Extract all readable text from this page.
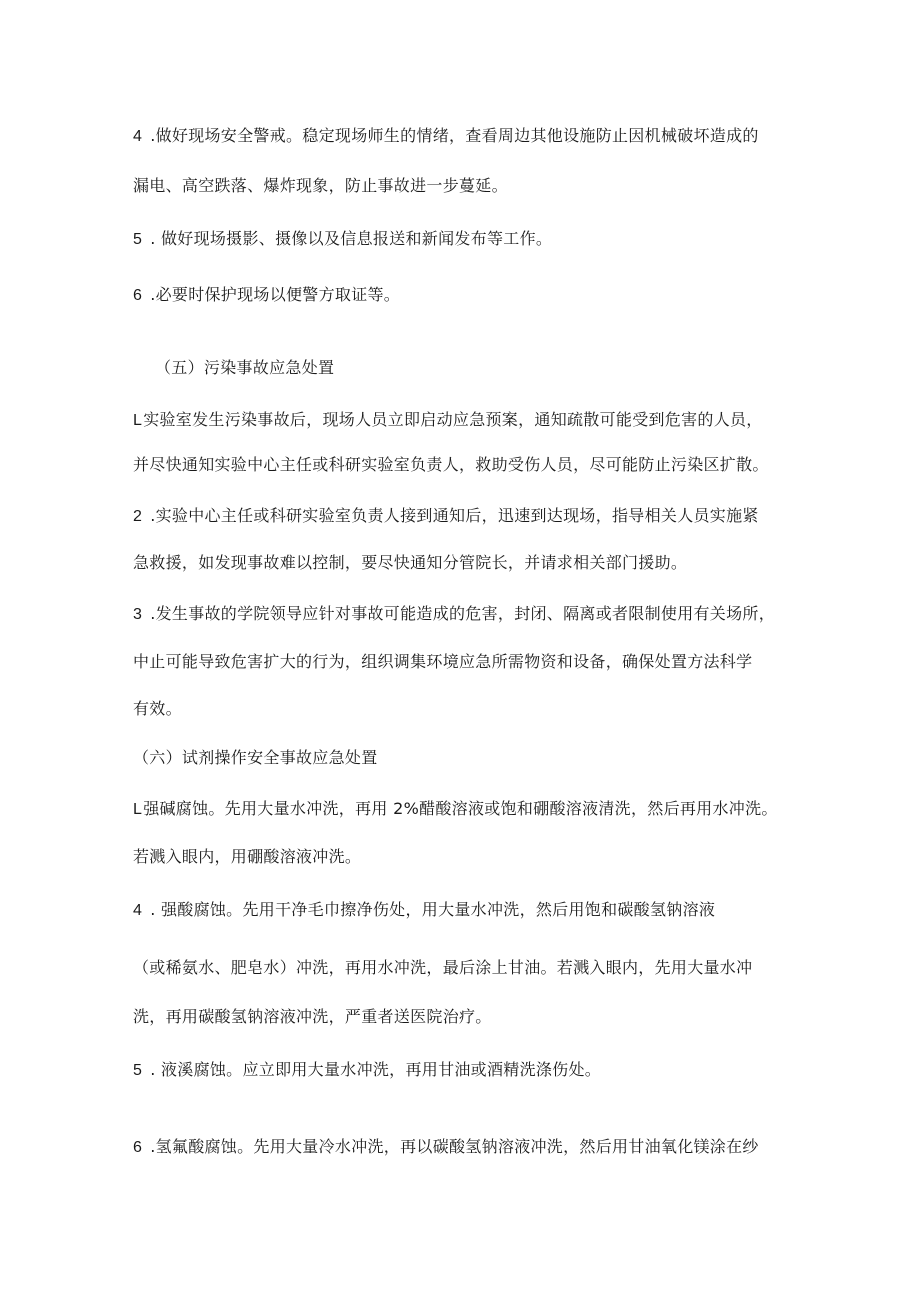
4 .做好现场安全警戒。稳定现场师生的情绪，查看周边其他设施防止因机械破坏造成的
漏电、高空跌落、爆炸现象，防止事故进一步蔓延。
5 . 做好现场摄影、摄像以及信息报送和新闻发布等工作。
6 .必要时保护现场以便警方取证等。
（五）污染事故应急处置
L实验室发生污染事故后，现场人员立即启动应急预案，通知疏散可能受到危害的人员，
并尽快通知实验中心主任或科研实验室负责人，救助受伤人员，尽可能防止污染区扩散。
2 .实验中心主任或科研实验室负责人接到通知后，迅速到达现场，指导相关人员实施紧
急救援，如发现事故难以控制，要尽快通知分管院长，并请求相关部门援助。
3 .发生事故的学院领导应针对事故可能造成的危害，封闭、隔离或者限制使用有关场所，
中止可能导致危害扩大的行为，组织调集环境应急所需物资和设备，确保处置方法科学
有效。
（六）试剂操作安全事故应急处置
L强碱腐蚀。先用大量水冲洗，再用 2%醋酸溶液或饱和硼酸溶液清洗，然后再用水冲洗。
若溅入眼内，用硼酸溶液冲洗。
4 . 强酸腐蚀。先用干净毛巾擦净伤处，用大量水冲洗，然后用饱和碳酸氢钠溶液
（或稀氨水、肥皂水）冲洗，再用水冲洗，最后涂上甘油。若溅入眼内，先用大量水冲
洗，再用碳酸氢钠溶液冲洗，严重者送医院治疗。
5 . 液溪腐蚀。应立即用大量水冲洗，再用甘油或酒精洗涤伤处。
6 .氢氟酸腐蚀。先用大量冷水冲洗，再以碳酸氢钠溶液冲洗，然后用甘油氧化镁涂在纱
